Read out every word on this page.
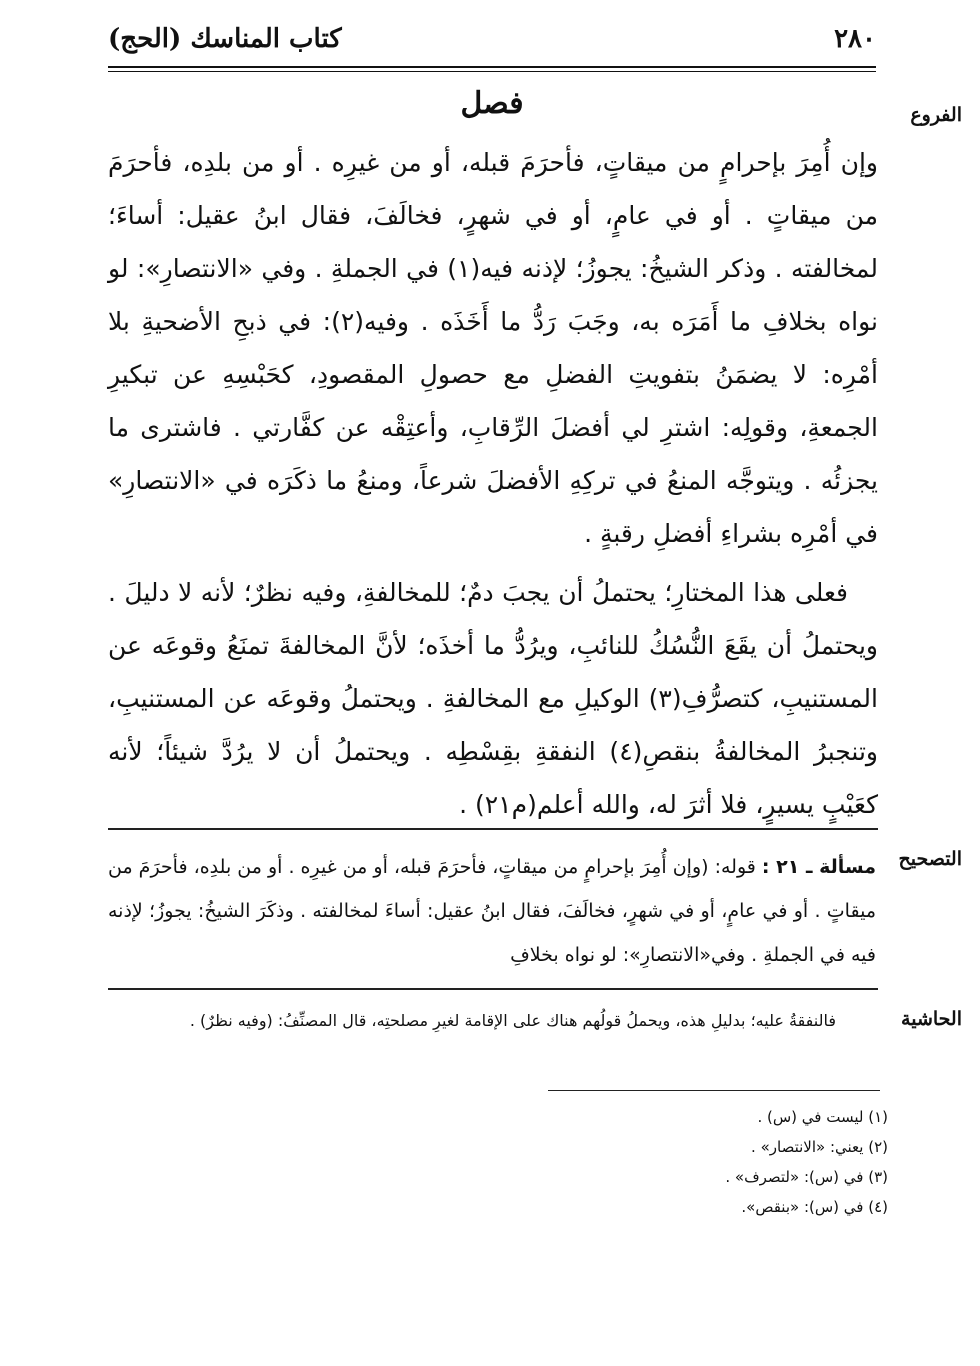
٢٨٠
كتاب المناسك (الحج)
الفروع
فصل

وإن أُمِرَ بإحرامٍ من ميقاتٍ، فأحرَمَ قبله، أو من غيرِه . أو من بلدِه، فأحرَمَ من ميقاتٍ . أو في عامٍ، أو في شهرٍ، فخالَفَ، فقال ابنُ عقيل: أساءَ؛ لمخالفته . وذكر الشيخُ: يجوزُ؛ لإذنه فيه(١) في الجملةِ . وفي «الانتصارِ»: لو نواه بخلافِ ما أَمَرَه به، وجَبَ رَدُّ ما أَخَذَه . وفيه(٢): في ذبحِ الأضحيةِ بلا أمْرِه: لا يضمَنُ بتفويتِ الفضلِ مع حصولِ المقصودِ، كحَبْسِهِ عن تبكيرِ الجمعةِ، وقولِه: اشترِ لي أفضلَ الرِّقابِ، وأعتِقْه عن كفَّارتي . فاشترى ما يجزئُه . ويتوجَّه المنعُ في تركِهِ الأفضلَ شرعاً، ومنعُ ما ذكَرَه في «الانتصارِ» في أمْرِه بشراءِ أفضلِ رقبةٍ .

فعلى هذا المختارِ؛ يحتملُ أن يجبَ دمٌ؛ للمخالفةِ، وفيه نظرٌ؛ لأنه لا دليلَ . ويحتملُ أن يقَعَ النُّسُكُ للنائبِ، ويرُدُّ ما أخذَه؛ لأنَّ المخالفةَ تمنَعُ وقوعَه عن المستنيبِ، كتصرُّفِ(٣) الوكيلِ مع المخالفةِ . ويحتملُ وقوعَه عن المستنيبِ، وتنجبرُ المخالفةُ بنقصِ(٤) النفقةِ بقِسْطِه . ويحتملُ أن لا يرُدَّ شيئاً؛ لأنه كعَيْبٍ يسيرٍ، فلا أثرَ له، والله أعلم(م٢١) .

التصحيح
مسألة ـ ٢١ : قوله: (وإن أُمِرَ بإحرامٍ من ميقاتٍ، فأحرَمَ قبله، أو من غيرِه . أو من بلدِه، فأحرَمَ من ميقاتٍ . أو في عامٍ، أو في شهرٍ، فخالَفَ، فقال ابنُ عقيل: أساءَ لمخالفته . وذكَرَ الشيخُ: يجوزُ؛ لإذنه فيه في الجملةِ . وفي«الانتصارِ»: لو نواه بخلافِ
الحاشية
فالنفقةُ عليه؛ بدليلِ هذه، ويحملُ قولُهم هناك على الإقامة لغيرِ مصلحتِه، قال المصنِّفُ: (وفيه نظرٌ) .
(١) ليست في (س) .
(٢) يعني: «الانتصار» .
(٣) في (س): «لتصرف» .
(٤) في (س): «بنقص».
